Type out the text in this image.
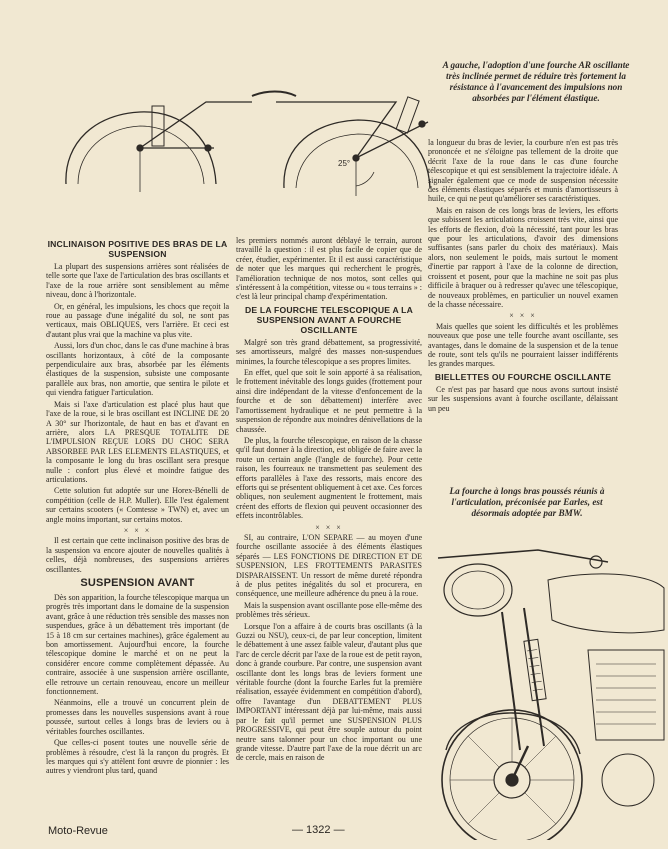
A gauche, l'adoption d'une fourche AR oscillante très inclinée permet de réduire très fortement la résistance à l'avancement des impulsions non absorbées par l'élément élastique.
25°
INCLINAISON POSITIVE DES BRAS DE LA SUSPENSION

La plupart des suspensions arrières sont réalisées de telle sorte que l'axe de l'articulation des bras oscillants et l'axe de la roue arrière sont sensiblement au même niveau, donc à l'horizontale.

Or, en général, les impulsions, les chocs que reçoit la roue au passage d'une inégalité du sol, ne sont pas verticaux, mais OBLIQUES, vers l'arrière. Et ceci est d'autant plus vrai que la machine va plus vite.

Aussi, lors d'un choc, dans le cas d'une machine à bras oscillants horizontaux, à côté de la composante perpendiculaire aux bras, absorbée par les éléments élastiques de la suspension, subsiste une composante parallèle aux bras, non amortie, que sentira le pilote et qui viendra fatiguer l'articulation.

Mais si l'axe d'articulation est placé plus haut que l'axe de la roue, si le bras oscillant est INCLINE DE 20 A 30° sur l'horizontale, de haut en bas et d'avant en arrière, alors LA PRESQUE TOTALITE DE L'IMPULSION REÇUE LORS DU CHOC SERA ABSORBEE PAR LES ELEMENTS ELASTIQUES, et la composante le long du bras oscillant sera presque nulle : confort plus élevé et moindre fatigue des articulations.

Cette solution fut adoptée sur une Horex-Bénelli de compétition (celle de H.P. Muller). Elle l'est également sur certains scooters (« Comtesse » TWN) et, avec un angle moins important, sur certains motos.

× × ×

Il est certain que cette inclinaison positive des bras de la suspension va encore ajouter de nouvelles qualités à celles, déjà nombreuses, des suspensions arrières oscillantes.

SUSPENSION AVANT

Dès son apparition, la fourche télescopique marqua un progrès très important dans le domaine de la suspension avant, grâce à une réduction très sensible des masses non suspendues, grâce à un débattement très important (de 15 à 18 cm sur certaines machines), grâce également au bon amortissement. Aujourd'hui encore, la fourche télescopique domine le marché et on ne peut la considérer encore comme complètement dépassée. Au contraire, associée à une suspension arrière oscillante, elle retrouve un certain renouveau, encore un meilleur fonctionnement.

Néanmoins, elle a trouvé un concurrent plein de promesses dans les nouvelles suspensions avant à roue poussée, surtout celles à longs bras de leviers ou à véritables fourches oscillantes.

Que celles-ci posent toutes une nouvelle série de problèmes à résoudre, c'est là la rançon du progrès. Et les marques qui s'y attèlent font œuvre de pionnier : les autres y viendront plus tard, quand

les premiers nommés auront déblayé le terrain, auront travaillé la question : il est plus facile de copier que de créer, étudier, expérimenter. Et il est aussi caractéristique de noter que les marques qui recherchent le progrès, l'amélioration technique de nos motos, sont celles qui s'intéressent à la compétition, vitesse ou « tous terrains » : c'est là leur principal champ d'expérimentation.

DE LA FOURCHE TELESCOPIQUE A LA SUSPENSION AVANT A FOURCHE OSCILLANTE

Malgré son très grand débattement, sa progressivité, ses amortisseurs, malgré des masses non-suspendues minimes, la fourche télescopique a ses propres limites.

En effet, quel que soit le soin apporté à sa réalisation, le frottement inévitable des longs guides (frottement pour ainsi dire indépendant de la vitesse d'enfoncement de la fourche et de son débattement) interfère avec l'amortissement hydraulique et ne peut permettre à la suspension de répondre aux moindres dénivellations de la chaussée.

De plus, la fourche télescopique, en raison de la chasse qu'il faut donner à la direction, est obligée de faire avec la route un certain angle (l'angle de fourche). Pour cette raison, les fourreaux ne transmettent pas seulement des efforts parallèles à l'axe des ressorts, mais encore des efforts qui se présentent obliquement à cet axe. Ces forces obliques, non seulement augmentent le frottement, mais créent des efforts de flexion qui peuvent occasionner des effets incontrôlables.

× × ×

SI, au contraire, L'ON SEPARE — au moyen d'une fourche oscillante associée à des éléments élastiques séparés — LES FONCTIONS DE DIRECTION ET DE SUSPENSION, LES FROTTEMENTS PARASITES DISPARAISSENT. Un ressort de même dureté répondra à de plus petites inégalités du sol et procurera, en conséquence, une meilleure adhérence du pneu à la roue.

Mais la suspension avant oscillante pose elle-même des problèmes très sérieux.

Lorsque l'on a affaire à de courts bras oscillants (à la Guzzi ou NSU), ceux-ci, de par leur conception, limitent le débattement à une assez faible valeur, d'autant plus que l'arc de cercle décrit par l'axe de la roue est de petit rayon, donc à grande courbure. Par contre, une suspension avant oscillante dont les longs bras de leviers forment une véritable fourche (dont la fourche Earles fut la première réalisation, essayée évidemment en compétition d'abord), offre l'avantage d'un DEBATTEMENT PLUS IMPORTANT intéressant déjà par lui-même, mais aussi par le fait qu'il permet une SUSPENSION PLUS PROGRESSIVE, qui peut être souple autour du point neutre sans talonner pour un choc important ou une grande vitesse. D'autre part l'axe de la roue décrit un arc de cercle, mais en raison de

la longueur du bras de levier, la courbure n'en est pas très prononcée et ne s'éloigne pas tellement de la droite que décrit l'axe de la roue dans le cas d'une fourche télescopique et qui est sensiblement la trajectoire idéale. A signaler également que ce mode de suspension nécessite des éléments élastiques séparés et munis d'amortisseurs à huile, ce qui ne peut qu'améliorer ses caractéristiques.

Mais en raison de ces longs bras de leviers, les efforts que subissent les articulations croissent très vite, ainsi que les efforts de flexion, d'où la nécessité, tant pour les bras que pour les articulations, d'avoir des dimensions suffisantes (sans parler du choix des matériaux). Mais alors, non seulement le poids, mais surtout le moment d'inertie par rapport à l'axe de la colonne de direction, croissent et posent, pour que la machine ne soit pas plus difficile à braquer ou à redresser qu'avec une télescopique, de nouveaux problèmes, en particulier un nouvel examen de la chasse nécessaire.

× × ×

Mais quelles que soient les difficultés et les problèmes nouveaux que pose une telle fourche avant oscillante, ses avantages, dans le domaine de la suspension et de la tenue de route, sont tels qu'ils ne pourraient laisser indifférents les grandes marques.

BIELLETTES OU FOURCHE OSCILLANTE

Ce n'est pas par hasard que nous avons surtout insisté sur les suspensions avant à fourche oscillante, délaissant un peu

La fourche à longs bras poussés réunis à l'articulation, préconisée par Earles, est désormais adoptée par BMW.
Moto-Revue	— 1322 —
